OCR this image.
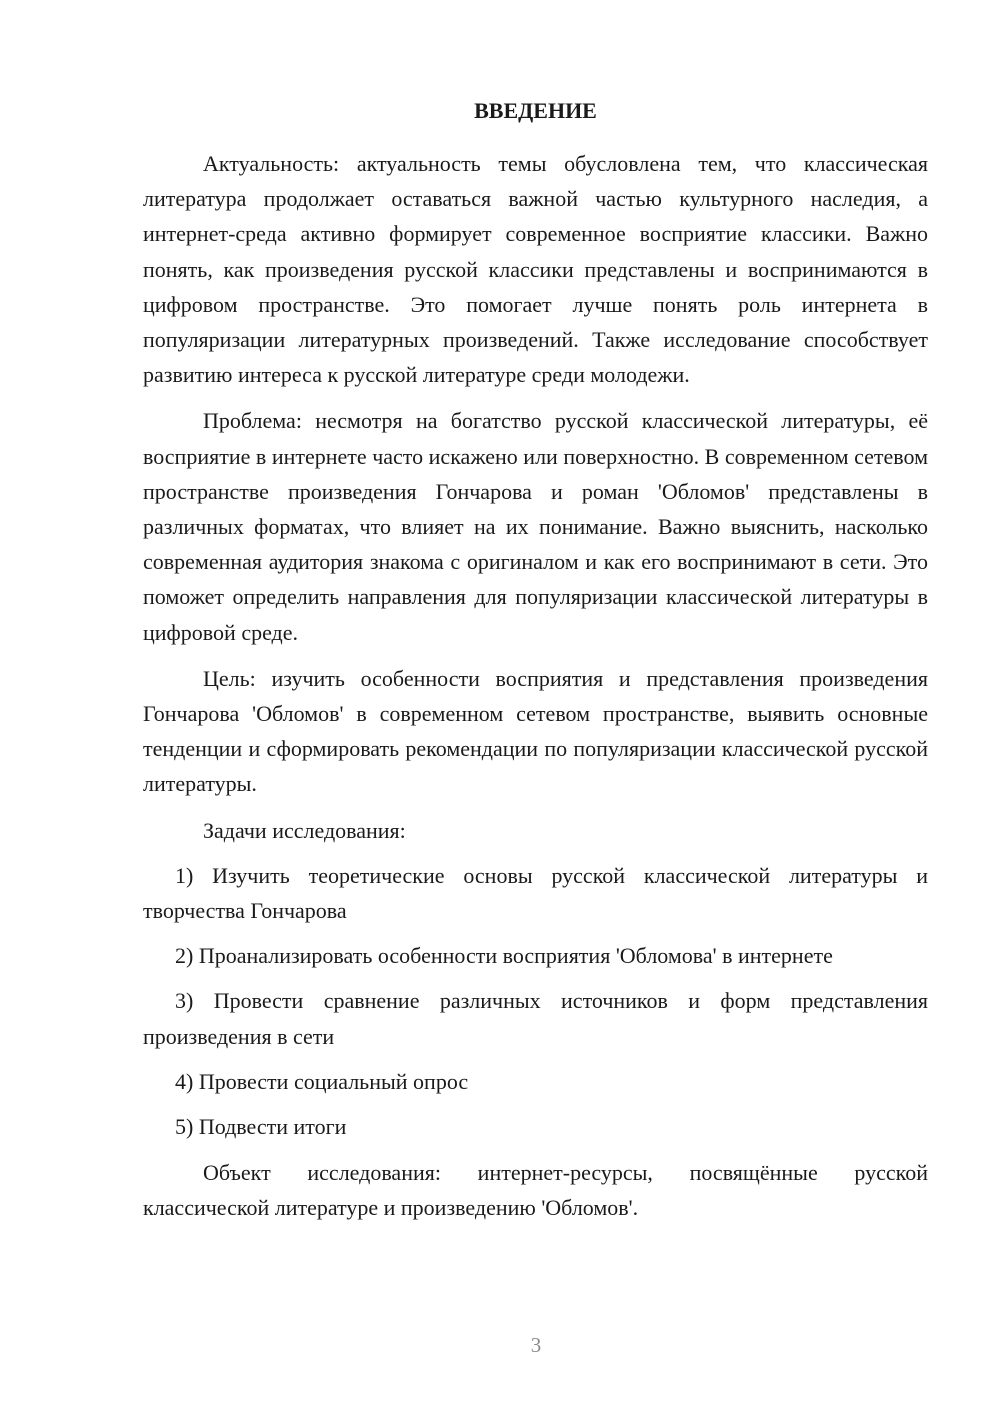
ВВЕДЕНИЕ

Актуальность: актуальность темы обусловлена тем, что классическая литература продолжает оставаться важной частью культурного наследия, а интернет-среда активно формирует современное восприятие классики. Важно понять, как произведения русской классики представлены и воспринимаются в цифровом пространстве. Это помогает лучше понять роль интернета в популяризации литературных произведений. Также исследование способствует развитию интереса к русской литературе среди молодежи.

Проблема: несмотря на богатство русской классической литературы, её восприятие в интернете часто искажено или поверхностно. В современном сетевом пространстве произведения Гончарова и роман 'Обломов' представлены в различных форматах, что влияет на их понимание. Важно выяснить, насколько современная аудитория знакома с оригиналом и как его воспринимают в сети. Это поможет определить направления для популяризации классической литературы в цифровой среде.

Цель: изучить особенности восприятия и представления произведения Гончарова 'Обломов' в современном сетевом пространстве, выявить основные тенденции и сформировать рекомендации по популяризации классической русской литературы.

Задачи исследования:

1) Изучить теоретические основы русской классической литературы и творчества Гончарова

2) Проанализировать особенности восприятия 'Обломова' в интернете

3) Провести сравнение различных источников и форм представления произведения в сети

4) Провести социальный опрос

5) Подвести итоги

Объект исследования: интернет-ресурсы, посвящённые русской классической литературе и произведению 'Обломов'.

3
